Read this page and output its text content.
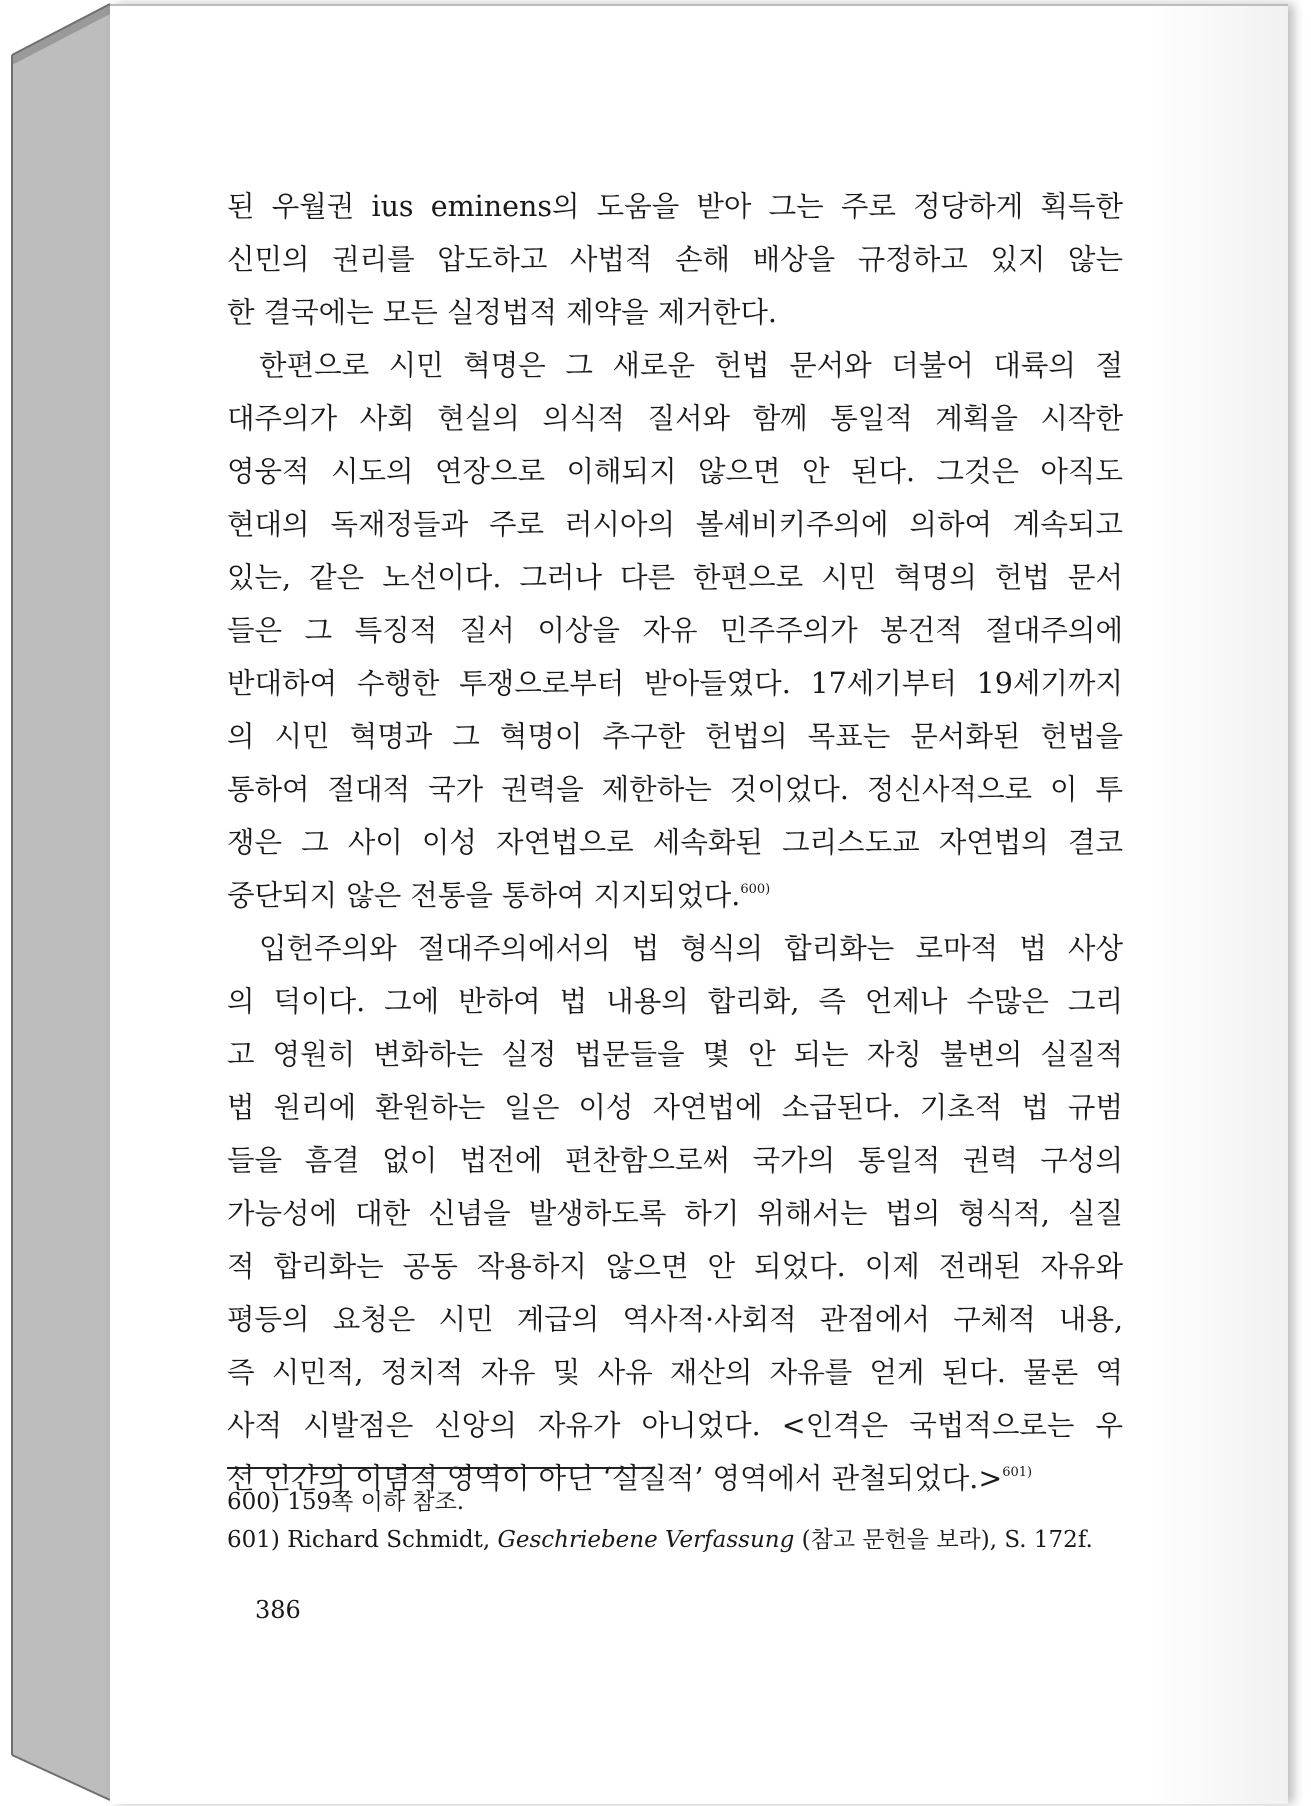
된 우월권 ius eminens의 도움을 받아 그는 주로 정당하게 획득한
신민의 권리를 압도하고 사법적 손해 배상을 규정하고 있지 않는
한 결국에는 모든 실정법적 제약을 제거한다.
한편으로 시민 혁명은 그 새로운 헌법 문서와 더불어 대륙의 절
대주의가 사회 현실의 의식적 질서와 함께 통일적 계획을 시작한
영웅적 시도의 연장으로 이해되지 않으면 안 된다. 그것은 아직도
현대의 독재정들과 주로 러시아의 볼셰비키주의에 의하여 계속되고
있는, 같은 노선이다. 그러나 다른 한편으로 시민 혁명의 헌법 문서
들은 그 특징적 질서 이상을 자유 민주주의가 봉건적 절대주의에
반대하여 수행한 투쟁으로부터 받아들였다. 17세기부터 19세기까지
의 시민 혁명과 그 혁명이 추구한 헌법의 목표는 문서화된 헌법을
통하여 절대적 국가 권력을 제한하는 것이었다. 정신사적으로 이 투
쟁은 그 사이 이성 자연법으로 세속화된 그리스도교 자연법의 결코
중단되지 않은 전통을 통하여 지지되었다.$^{600)}$
입헌주의와 절대주의에서의 법 형식의 합리화는 로마적 법 사상
의 덕이다. 그에 반하여 법 내용의 합리화, 즉 언제나 수많은 그리
고 영원히 변화하는 실정 법문들을 몇 안 되는 자칭 불변의 실질적
법 원리에 환원하는 일은 이성 자연법에 소급된다. 기초적 법 규범
들을 흠결 없이 법전에 편찬함으로써 국가의 통일적 권력 구성의
가능성에 대한 신념을 발생하도록 하기 위해서는 법의 형식적, 실질
적 합리화는 공동 작용하지 않으면 안 되었다. 이제 전래된 자유와
평등의 요청은 시민 계급의 역사적·사회적 관점에서 구체적 내용,
즉 시민적, 정치적 자유 및 사유 재산의 자유를 얻게 된다. 물론 역
사적 시발점은 신앙의 자유가 아니었다. <인격은 국법적으로는 우
선 인간의 이념적 영역이 아닌 ‘실질적’ 영역에서 관철되었다.>$^{601)}$
600) 159쪽 이하 참조.
601) Richard Schmidt, Geschriebene Verfassung (참고 문헌을 보라), S. 172f.
386
